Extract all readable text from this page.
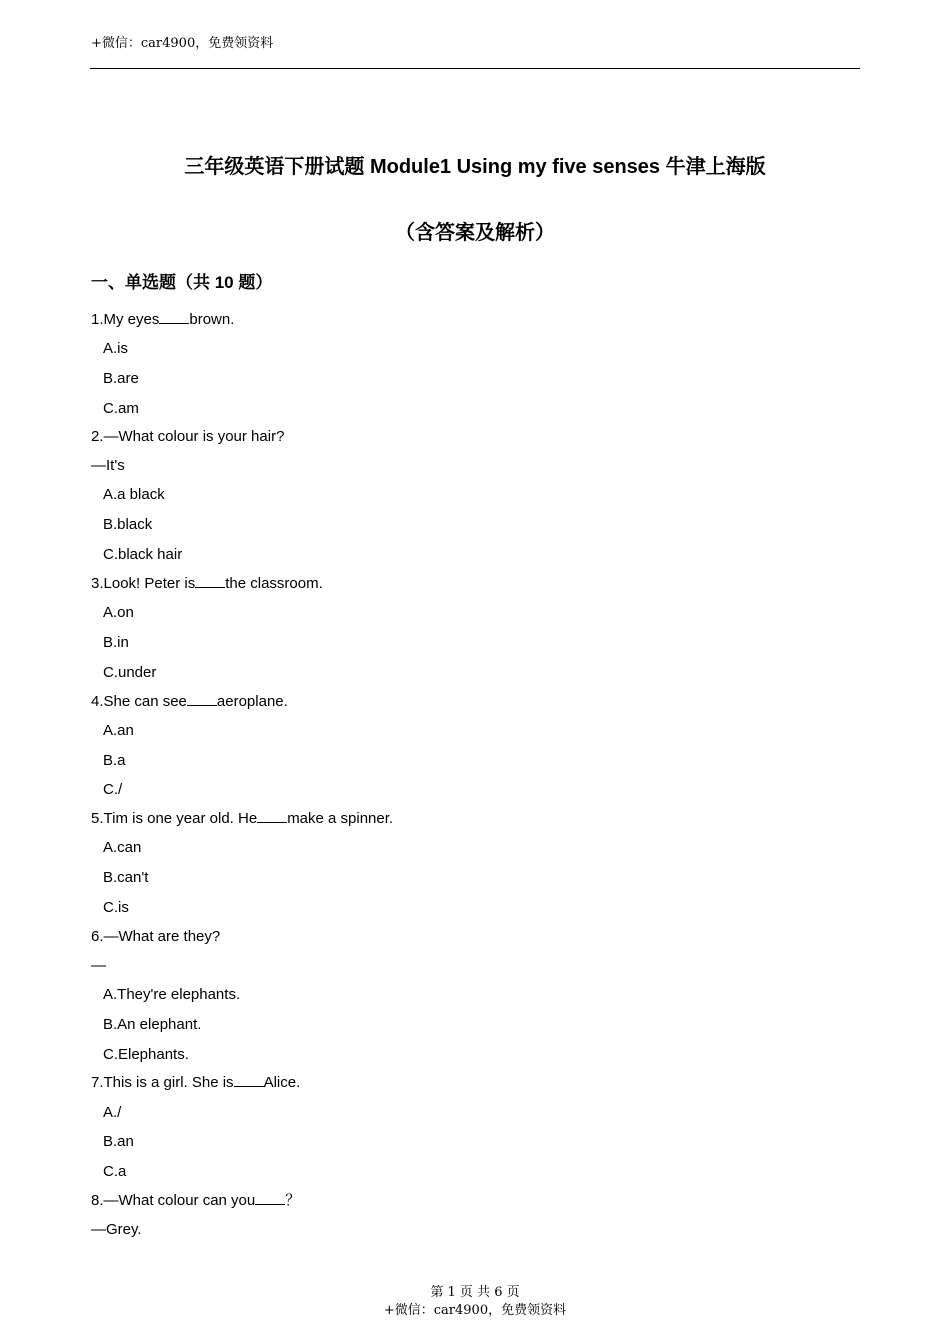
+微信：car4900，免费领资料
三年级英语下册试题 Module1 Using my five senses 牛津上海版
（含答案及解析）
一、单选题（共 10 题）
1.My eyes brown.
A.is
B.are
C.am
2.—What colour is your hair?
—It's
A.a black
B.black
C.black hair
3.Look! Peter is the classroom.
A.on
B.in
C.under
4.She can see aeroplane.
A.an
B.a
C./
5.Tim is one year old. He make a spinner.
A.can
B.can't
C.is
6.—What are they?
—
A.They're elephants.
B.An elephant.
C.Elephants.
7.This is a girl. She is Alice.
A./
B.an
C.a
8.—What colour can you ？
—Grey.
第 1 页 共 6 页
+微信：car4900，免费领资料
